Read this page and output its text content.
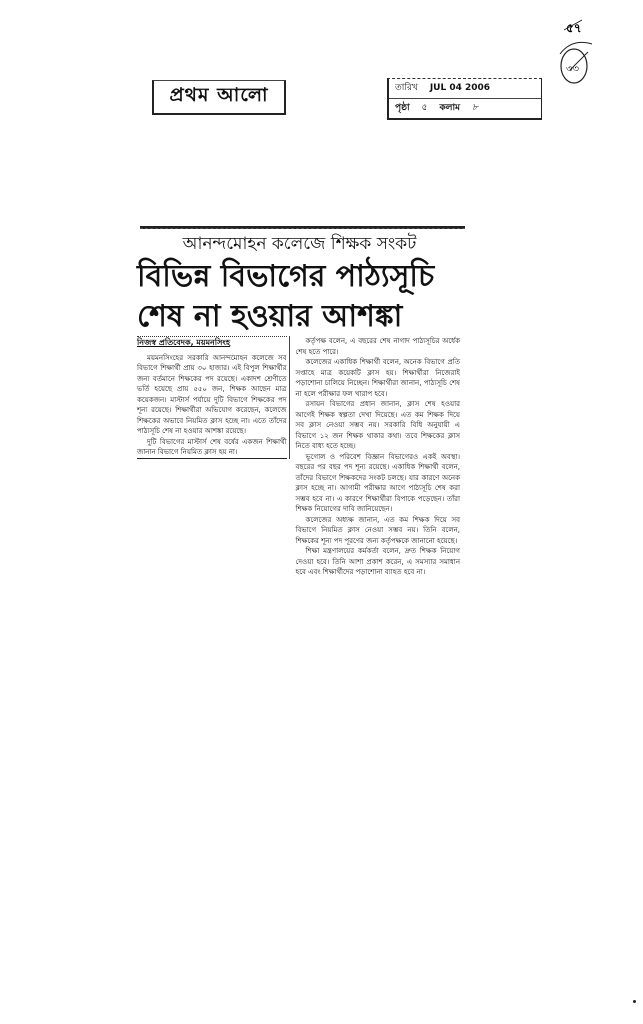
প্রথম আলো	তারিখ JUL 04 2006
পৃষ্ঠা ৫ কলাম ৮
৩৩
৫৭
আনন্দমোহন কলেজে শিক্ষক সংকট
বিভিন্ন বিভাগের পাঠ্যসূচি
শেষ না হওয়ার আশঙ্কা
নিজস্ব প্রতিবেদক, ময়মনসিংহ

ময়মনসিংহের সরকারি আনন্দমোহন কলেজে সব বিভাগে শিক্ষার্থী প্রায় ৩০ হাজার। এই বিপুল শিক্ষার্থীর জন্য বর্তমানে শিক্ষকের পদ রয়েছে। একাদশ শ্রেণীতে ভর্তি হয়েছে প্রায় ৫৫০ জন, শিক্ষক আছেন মাত্র কয়েকজন। মাস্টার্স পর্যায়ে দুটি বিভাগে শিক্ষকের পদ শূন্য রয়েছে। শিক্ষার্থীরা অভিযোগ করেছেন, কলেজে শিক্ষকের অভাবে নিয়মিত ক্লাস হচ্ছে না। এতে তাঁদের পাঠ্যসূচি শেষ না হওয়ার আশঙ্কা রয়েছে।

দুটি বিভাগের মাস্টার্স শেষ বর্ষের একজন শিক্ষার্থী জানান বিভাগে নিয়মিত ক্লাস হয় না।

কর্তৃপক্ষ বলেন, এ বছরের শেষ নাগাদ পাঠ্যসূচির অর্ধেক শেষ হতে পারে।

কলেজের একাধিক শিক্ষার্থী বলেন, অনেক বিভাগে প্রতি সপ্তাহে মাত্র কয়েকটি ক্লাস হয়। শিক্ষার্থীরা নিজেরাই পড়াশোনা চালিয়ে নিচ্ছেন। শিক্ষার্থীরা জানান, পাঠ্যসূচি শেষ না হলে পরীক্ষার ফল খারাপ হবে।

রসায়ন বিভাগের প্রধান জানান, ক্লাস শেষ হওয়ার আগেই শিক্ষক স্বল্পতা দেখা দিয়েছে। এত কম শিক্ষক দিয়ে সব ক্লাস নেওয়া সম্ভব নয়। সরকারি বিধি অনুযায়ী এ বিভাগে ১২ জন শিক্ষক থাকার কথা। তবে শিক্ষকের ক্লাস নিতে বাধ্য হতে হচ্ছে।

ভূগোল ও পরিবেশ বিজ্ঞান বিভাগেরও একই অবস্থা। বছরের পর বছর পদ শূন্য রয়েছে। একাধিক শিক্ষার্থী বলেন, তাঁদের বিভাগে শিক্ষকদের সংকট চলছে। যার কারণে অনেক ক্লাস হচ্ছে না। আগামী পরীক্ষার আগে পাঠ্যসূচি শেষ করা সম্ভব হবে না। এ কারণে শিক্ষার্থীরা বিপাকে পড়েছেন। তাঁরা শিক্ষক নিয়োগের দাবি জানিয়েছেন।

কলেজের অধ্যক্ষ জানান, এত কম শিক্ষক দিয়ে সব বিভাগে নিয়মিত ক্লাস নেওয়া সম্ভব নয়। তিনি বলেন, শিক্ষকের শূন্য পদ পূরণের জন্য কর্তৃপক্ষকে জানানো হয়েছে।

শিক্ষা মন্ত্রণালয়ের কর্মকর্তা বলেন, দ্রুত শিক্ষক নিয়োগ দেওয়া হবে। তিনি আশা প্রকাশ করেন, এ সমস্যার সমাধান হবে এবং শিক্ষার্থীদের পড়াশোনা ব্যাহত হবে না।
